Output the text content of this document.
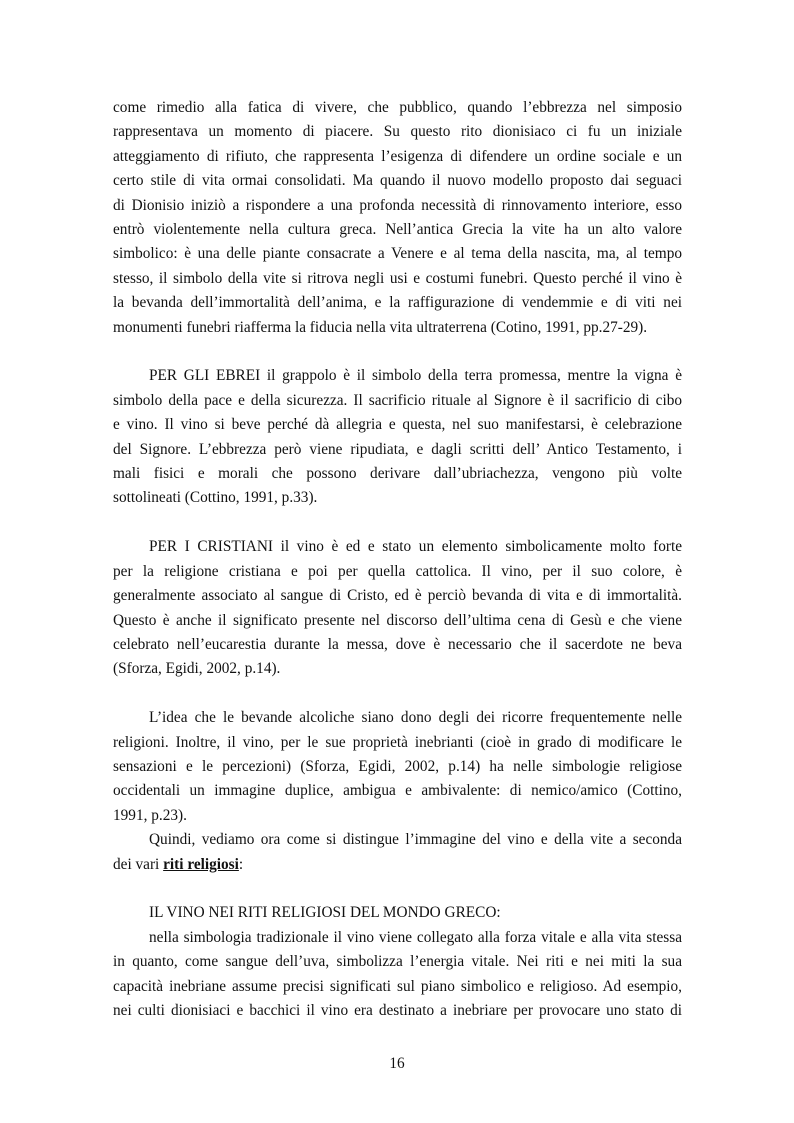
come rimedio alla fatica di vivere, che pubblico, quando l’ebbrezza nel simposio
rappresentava un momento di piacere. Su questo rito dionisiaco ci fu un iniziale
atteggiamento di rifiuto, che rappresenta l’esigenza di difendere un ordine sociale e un
certo stile di vita ormai consolidati. Ma quando il nuovo modello proposto dai seguaci
di Dionisio iniziò a rispondere a una profonda necessità di rinnovamento interiore, esso
entrò violentemente nella cultura greca. Nell’antica Grecia la vite ha un alto valore
simbolico: è una delle piante consacrate a Venere e al tema della nascita, ma, al tempo
stesso, il simbolo della vite si ritrova negli usi e costumi funebri. Questo perché il vino è
la bevanda dell’immortalità dell’anima, e la raffigurazione di vendemmie e di viti nei
monumenti funebri riafferma la fiducia nella vita ultraterrena (Cotino, 1991, pp.27-29).
PER GLI EBREI il grappolo è il simbolo della terra promessa, mentre la vigna è
simbolo della pace e della sicurezza. Il sacrificio rituale al Signore è il sacrificio di cibo
e vino. Il vino si beve perché dà allegria e questa, nel suo manifestarsi, è celebrazione
del Signore. L’ebbrezza però viene ripudiata, e dagli scritti dell’ Antico Testamento, i
mali fisici e morali che possono derivare dall’ubriachezza, vengono più volte
sottolineati (Cottino, 1991, p.33).
PER I CRISTIANI il vino è ed e stato un elemento simbolicamente molto forte
per la religione cristiana e poi per quella cattolica. Il vino, per il suo colore, è
generalmente associato al sangue di Cristo, ed è perciò bevanda di vita e di immortalità.
Questo è anche il significato presente nel discorso dell’ultima cena di Gesù e che viene
celebrato nell’eucarestia durante la messa, dove è necessario che il sacerdote ne beva
(Sforza, Egidi, 2002, p.14).
L’idea che le bevande alcoliche siano dono degli dei ricorre frequentemente nelle
religioni. Inoltre, il vino, per le sue proprietà inebrianti (cioè in grado di modificare le
sensazioni e le percezioni) (Sforza, Egidi, 2002, p.14) ha nelle simbologie religiose
occidentali un immagine duplice, ambigua e ambivalente: di nemico/amico (Cottino,
1991, p.23).
Quindi, vediamo ora come si distingue l’immagine del vino e della vite a seconda
dei vari riti religiosi:
IL VINO NEI RITI RELIGIOSI DEL MONDO GRECO:
nella simbologia tradizionale il vino viene collegato alla forza vitale e alla vita stessa
in quanto, come sangue dell’uva, simbolizza l’energia vitale. Nei riti e nei miti la sua
capacità inebriane assume precisi significati sul piano simbolico e religioso. Ad esempio,
nei culti dionisiaci e bacchici il vino era destinato a inebriare per provocare uno stato di
16
